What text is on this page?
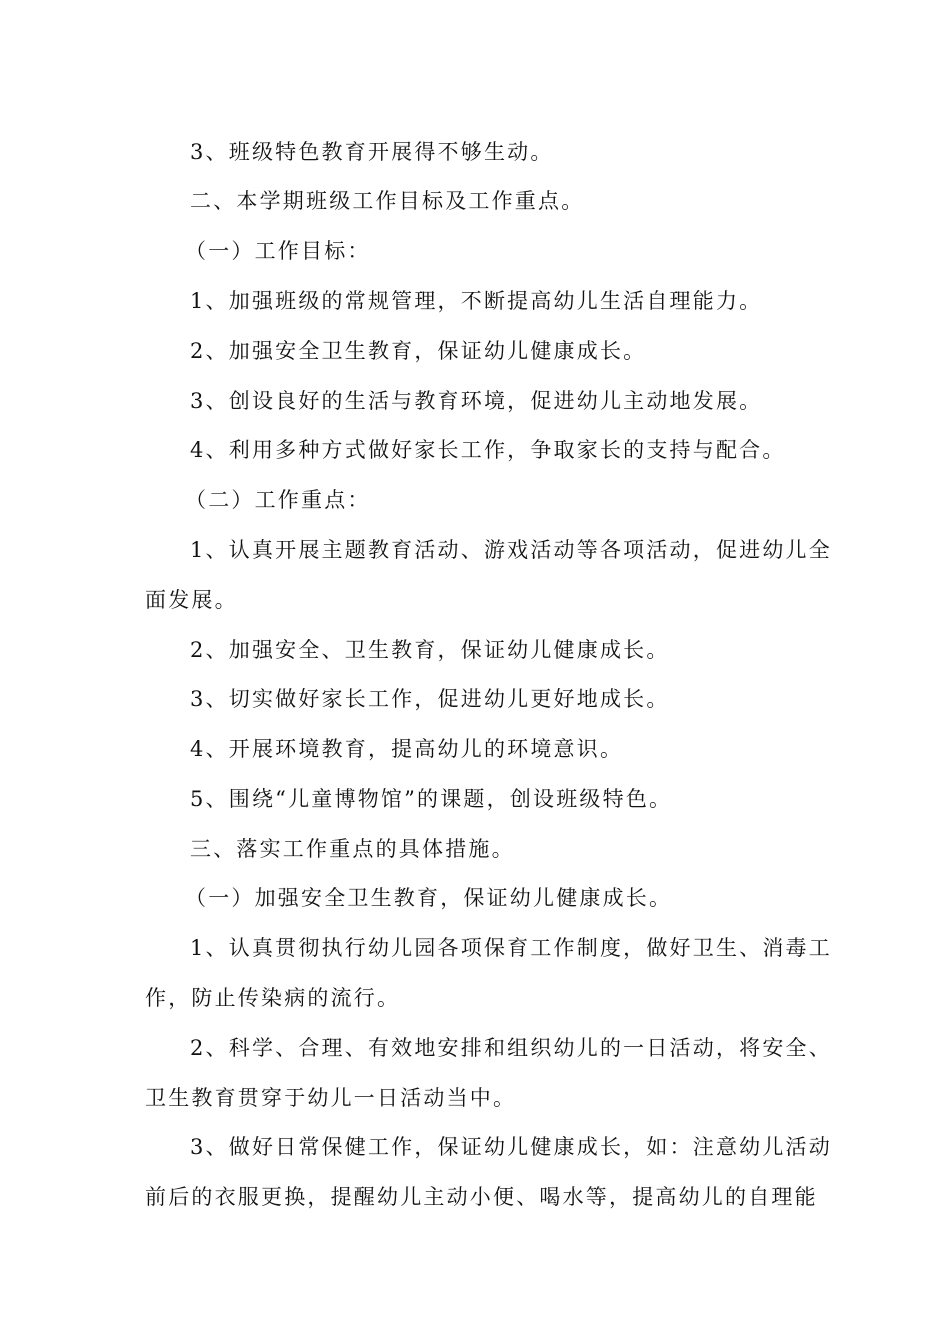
3、班级特色教育开展得不够生动。
二、本学期班级工作目标及工作重点。
（一）工作目标：
1、加强班级的常规管理，不断提高幼儿生活自理能力。
2、加强安全卫生教育，保证幼儿健康成长。
3、创设良好的生活与教育环境，促进幼儿主动地发展。
4、利用多种方式做好家长工作，争取家长的支持与配合。
（二）工作重点：
1、认真开展主题教育活动、游戏活动等各项活动，促进幼儿全
面发展。
2、加强安全、卫生教育，保证幼儿健康成长。
3、切实做好家长工作，促进幼儿更好地成长。
4、开展环境教育，提高幼儿的环境意识。
5、围绕“儿童博物馆”的课题，创设班级特色。
三、落实工作重点的具体措施。
（一）加强安全卫生教育，保证幼儿健康成长。
1、认真贯彻执行幼儿园各项保育工作制度，做好卫生、消毒工
作，防止传染病的流行。
2、科学、合理、有效地安排和组织幼儿的一日活动，将安全、
卫生教育贯穿于幼儿一日活动当中。
3、做好日常保健工作，保证幼儿健康成长，如：注意幼儿活动
前后的衣服更换，提醒幼儿主动小便、喝水等，提高幼儿的自理能
